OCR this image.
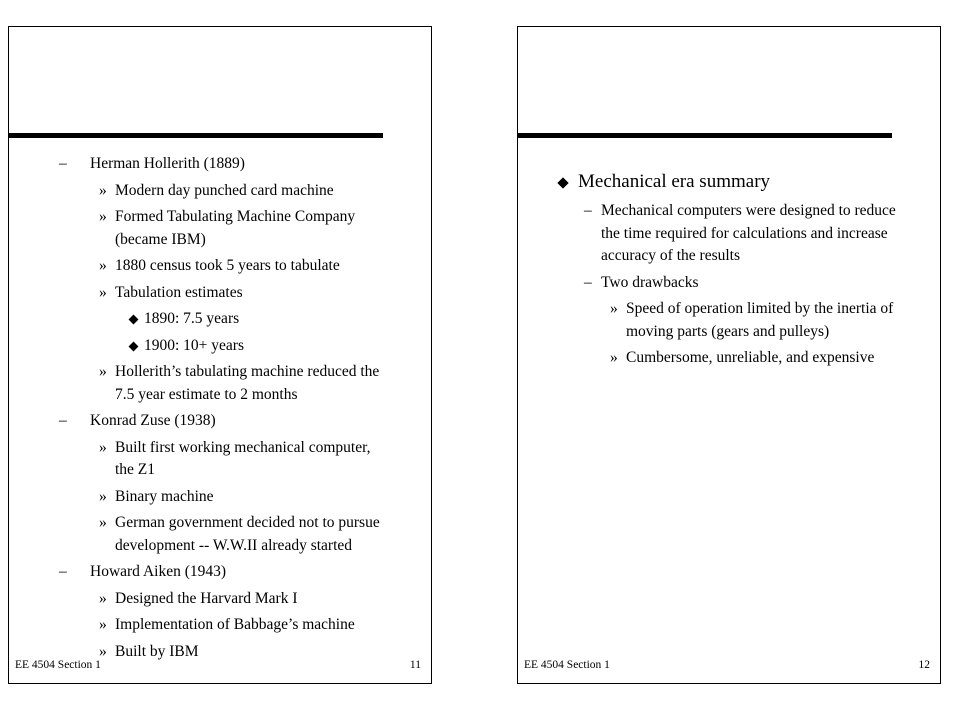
– Herman Hollerith (1889)
» Modern day punched card machine
» Formed Tabulating Machine Company
(became IBM)
» 1880 census took 5 years to tabulate
» Tabulation estimates
1890: 7.5 years
1900: 10+ years
» Hollerith’s tabulating machine reduced the
7.5 year estimate to 2 months
– Konrad Zuse (1938)
» Built first working mechanical computer,
the Z1
» Binary machine
» German government decided not to pursue
development -- W.W.II already started
– Howard Aiken (1943)
» Designed the Harvard Mark I
» Implementation of Babbage’s machine
» Built by IBM
EE 4504 Section 1	11
Mechanical era summary
– Mechanical computers were designed to reduce
the time required for calculations and increase
accuracy of the results
– Two drawbacks
» Speed of operation limited by the inertia of
moving parts (gears and pulleys)
» Cumbersome, unreliable, and expensive
EE 4504 Section 1	12
